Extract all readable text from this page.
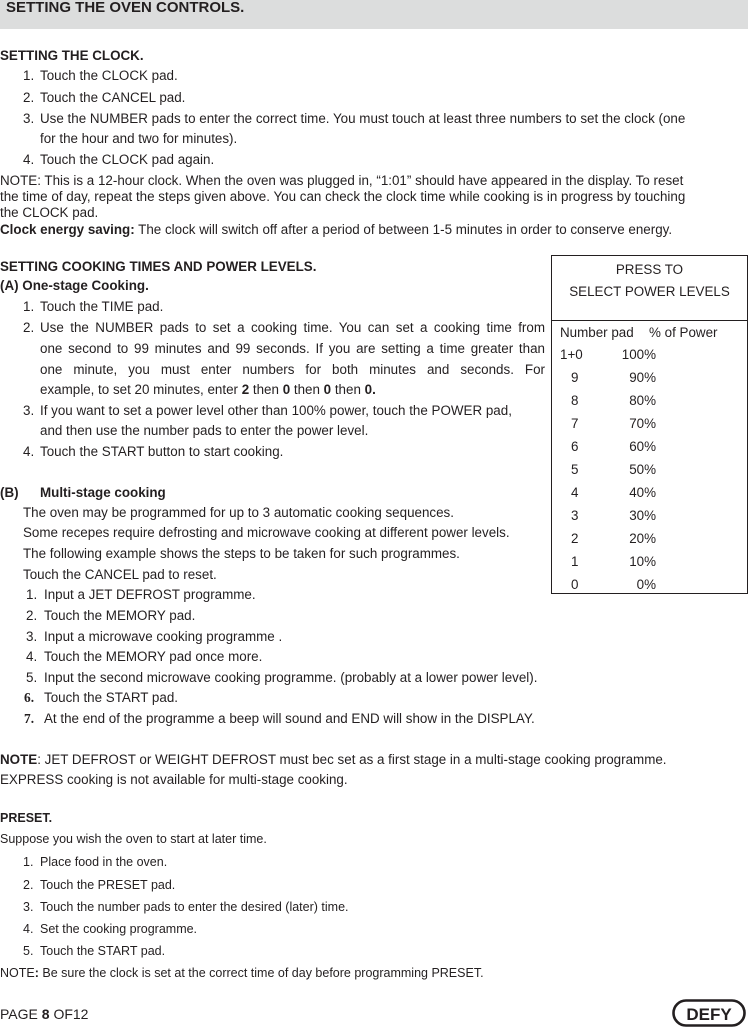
SETTING THE OVEN CONTROLS.
SETTING THE CLOCK.
1. Touch the CLOCK pad.
2. Touch the CANCEL pad.
3. Use the NUMBER pads to enter the correct time. You must touch at least three numbers to set the clock (one
for the hour and two for minutes).
4. Touch the CLOCK pad again.
NOTE: This is a 12-hour clock. When the oven was plugged in, “1:01” should have appeared in the display. To reset
the time of day, repeat the steps given above. You can check the clock time while cooking is in progress by touching
the CLOCK pad.
Clock energy saving: The clock will switch off after a period of between 1-5 minutes in order to conserve energy.
SETTING COOKING TIMES AND POWER LEVELS.
(A) One-stage Cooking.
1. Touch the TIME pad.
2. Use the NUMBER pads to set a cooking time. You can set a cooking time from
one second to 99 minutes and 99 seconds. If you are setting a time greater than
one minute, you must enter numbers for both minutes and seconds. For
example, to set 20 minutes, enter 2 then 0 then 0 then 0.
3. If you want to set a power level other than 100% power, touch the POWER pad,
and then use the number pads to enter the power level.
4. Touch the START button to start cooking.
(B) Multi-stage cooking
The oven may be programmed for up to 3 automatic cooking sequences.
Some recepes require defrosting and microwave cooking at different power levels.
The following example shows the steps to be taken for such programmes.
Touch the CANCEL pad to reset.
1. Input a JET DEFROST programme.
2. Touch the MEMORY pad.
3. Input a microwave cooking programme .
4. Touch the MEMORY pad once more.
5. Input the second microwave cooking programme. (probably at a lower power level).
6. Touch the START pad.
7. At the end of the programme a beep will sound and END will show in the DISPLAY.
NOTE: JET DEFROST or WEIGHT DEFROST must bec set as a first stage in a multi-stage cooking programme.
EXPRESS cooking is not available for multi-stage cooking.
PRESS TO
SELECT POWER LEVELS
Number pad % of Power
1+0	100%
9	90%
8	80%
7	70%
6	60%
5	50%
4	40%
3	30%
2	20%
1	10%
0	0%
PRESET.
Suppose you wish the oven to start at later time.
1. Place food in the oven.
2. Touch the PRESET pad.
3. Touch the number pads to enter the desired (later) time.
4. Set the cooking programme.
5. Touch the START pad.
NOTE: Be sure the clock is set at the correct time of day before programming PRESET.
PAGE 8 OF12	DEFY
